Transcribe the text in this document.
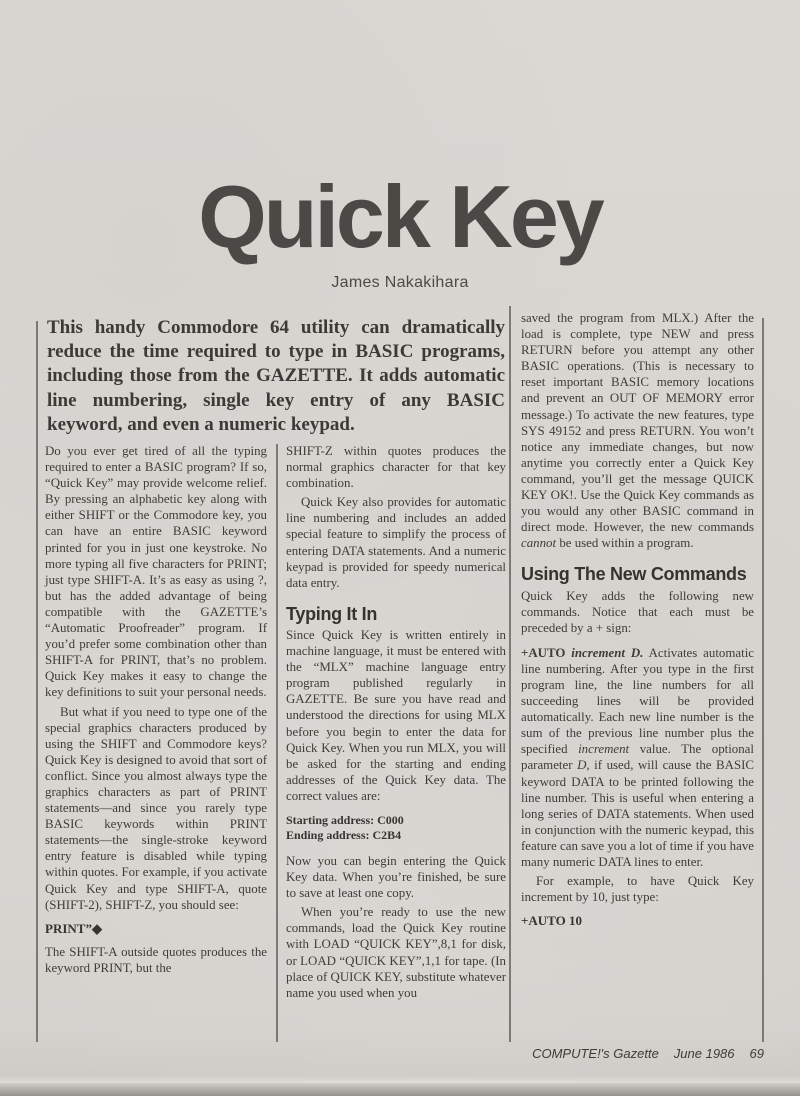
Quick Key
James Nakakihara

This handy Commodore 64 utility can dramatically reduce the time required to type in BASIC programs, including those from the GAZETTE. It adds automatic line numbering, single key entry of any BASIC keyword, and even a numeric keypad.

Do you ever get tired of all the typing required to enter a BASIC program? If so, “Quick Key” may provide welcome relief. By pressing an alphabetic key along with either SHIFT or the Commodore key, you can have an entire BASIC keyword printed for you in just one keystroke. No more typing all five characters for PRINT; just type SHIFT-A. It’s as easy as using ?, but has the added advantage of being compatible with the GAZETTE’s “Automatic Proofreader” program. If you’d prefer some combination other than SHIFT-A for PRINT, that’s no problem. Quick Key makes it easy to change the key definitions to suit your personal needs.

But what if you need to type one of the special graphics characters produced by using the SHIFT and Commodore keys? Quick Key is designed to avoid that sort of conflict. Since you almost always type the graphics characters as part of PRINT statements—and since you rarely type BASIC keywords within PRINT statements—the single-stroke keyword entry feature is disabled while typing within quotes. For example, if you activate Quick Key and type SHIFT-A, quote (SHIFT-2), SHIFT-Z, you should see:

PRINT”◆

The SHIFT-A outside quotes produces the keyword PRINT, but the

SHIFT-Z within quotes produces the normal graphics character for that key combination.

Quick Key also provides for automatic line numbering and includes an added special feature to simplify the process of entering DATA statements. And a numeric keypad is provided for speedy numerical data entry.

Typing It In

Since Quick Key is written entirely in machine language, it must be entered with the “MLX” machine language entry program published regularly in GAZETTE. Be sure you have read and understood the directions for using MLX before you begin to enter the data for Quick Key. When you run MLX, you will be asked for the starting and ending addresses of the Quick Key data. The correct values are:

Starting address: C000
Ending address: C2B4

Now you can begin entering the Quick Key data. When you’re finished, be sure to save at least one copy.

When you’re ready to use the new commands, load the Quick Key routine with LOAD “QUICK KEY”,8,1 for disk, or LOAD “QUICK KEY”,1,1 for tape. (In place of QUICK KEY, substitute whatever name you used when you

saved the program from MLX.) After the load is complete, type NEW and press RETURN before you attempt any other BASIC operations. (This is necessary to reset important BASIC memory locations and prevent an OUT OF MEMORY error message.) To activate the new features, type SYS 49152 and press RETURN. You won’t notice any immediate changes, but now anytime you correctly enter a Quick Key command, you’ll get the message QUICK KEY OK!. Use the Quick Key commands as you would any other BASIC command in direct mode. However, the new commands cannot be used within a program.

Using The New Commands

Quick Key adds the following new commands. Notice that each must be preceded by a + sign:

+AUTO increment D. Activates automatic line numbering. After you type in the first program line, the line numbers for all succeeding lines will be provided automatically. Each new line number is the sum of the previous line number plus the specified increment value. The optional parameter D, if used, will cause the BASIC keyword DATA to be printed following the line number. This is useful when entering a long series of DATA statements. When used in conjunction with the numeric keypad, this feature can save you a lot of time if you have many numeric DATA lines to enter.

For example, to have Quick Key increment by 10, just type:

+AUTO 10

COMPUTE!'s Gazette June 1986 69
